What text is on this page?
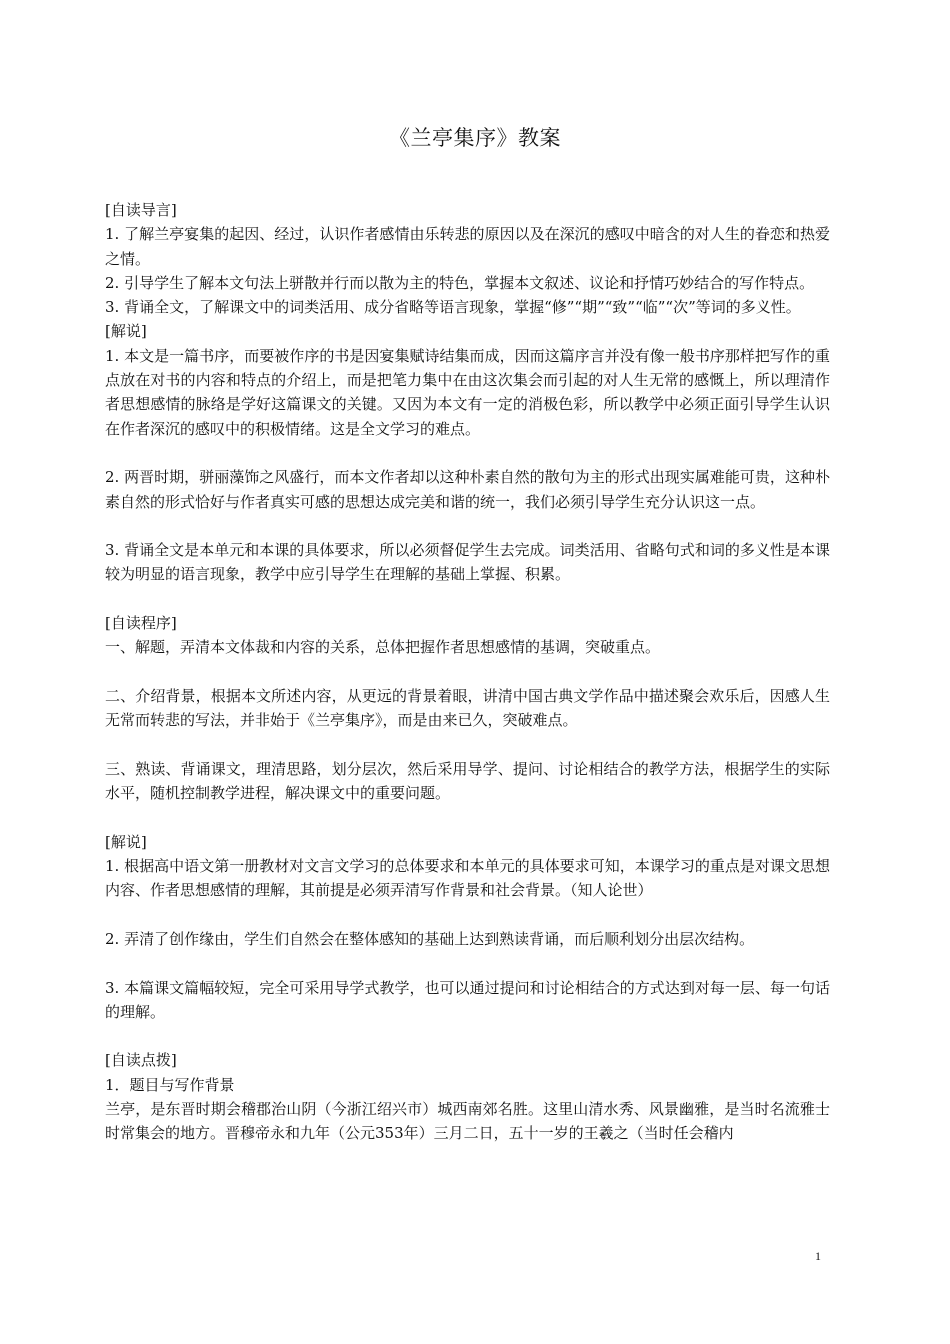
《兰亭集序》教案

[自读导言]

1. 了解兰亭宴集的起因、经过，认识作者感情由乐转悲的原因以及在深沉的感叹中暗含的对人生的眷恋和热爱之情。

2. 引导学生了解本文句法上骈散并行而以散为主的特色，掌握本文叙述、议论和抒情巧妙结合的写作特点。

3. 背诵全文，了解课文中的词类活用、成分省略等语言现象，掌握“修”“期”“致”“临”“次”等词的多义性。

[解说]

1. 本文是一篇书序，而要被作序的书是因宴集赋诗结集而成，因而这篇序言并没有像一般书序那样把写作的重点放在对书的内容和特点的介绍上，而是把笔力集中在由这次集会而引起的对人生无常的感慨上，所以理清作者思想感情的脉络是学好这篇课文的关键。又因为本文有一定的消极色彩，所以教学中必须正面引导学生认识在作者深沉的感叹中的积极情绪。这是全文学习的难点。

2. 两晋时期，骈丽藻饰之风盛行，而本文作者却以这种朴素自然的散句为主的形式出现实属难能可贵，这种朴素自然的形式恰好与作者真实可感的思想达成完美和谐的统一，我们必须引导学生充分认识这一点。

3. 背诵全文是本单元和本课的具体要求，所以必须督促学生去完成。词类活用、省略句式和词的多义性是本课较为明显的语言现象，教学中应引导学生在理解的基础上掌握、积累。

[自读程序]

一、解题，弄清本文体裁和内容的关系，总体把握作者思想感情的基调，突破重点。

二、介绍背景，根据本文所述内容，从更远的背景着眼，讲清中国古典文学作品中描述聚会欢乐后，因感人生无常而转悲的写法，并非始于《兰亭集序》，而是由来已久，突破难点。

三、熟读、背诵课文，理清思路，划分层次，然后采用导学、提问、讨论相结合的教学方法，根据学生的实际水平，随机控制教学进程，解决课文中的重要问题。

[解说]

1. 根据高中语文第一册教材对文言文学习的总体要求和本单元的具体要求可知，本课学习的重点是对课文思想内容、作者思想感情的理解，其前提是必须弄清写作背景和社会背景。（知人论世）

2. 弄清了创作缘由，学生们自然会在整体感知的基础上达到熟读背诵，而后顺利划分出层次结构。

3. 本篇课文篇幅较短，完全可采用导学式教学，也可以通过提问和讨论相结合的方式达到对每一层、每一句话的理解。

[自读点拨]

1．题目与写作背景

兰亭，是东晋时期会稽郡治山阴（今浙江绍兴市）城西南郊名胜。这里山清水秀、风景幽雅，是当时名流雅士时常集会的地方。晋穆帝永和九年（公元353年）三月二日，五十一岁的王羲之（当时任会稽内

1
